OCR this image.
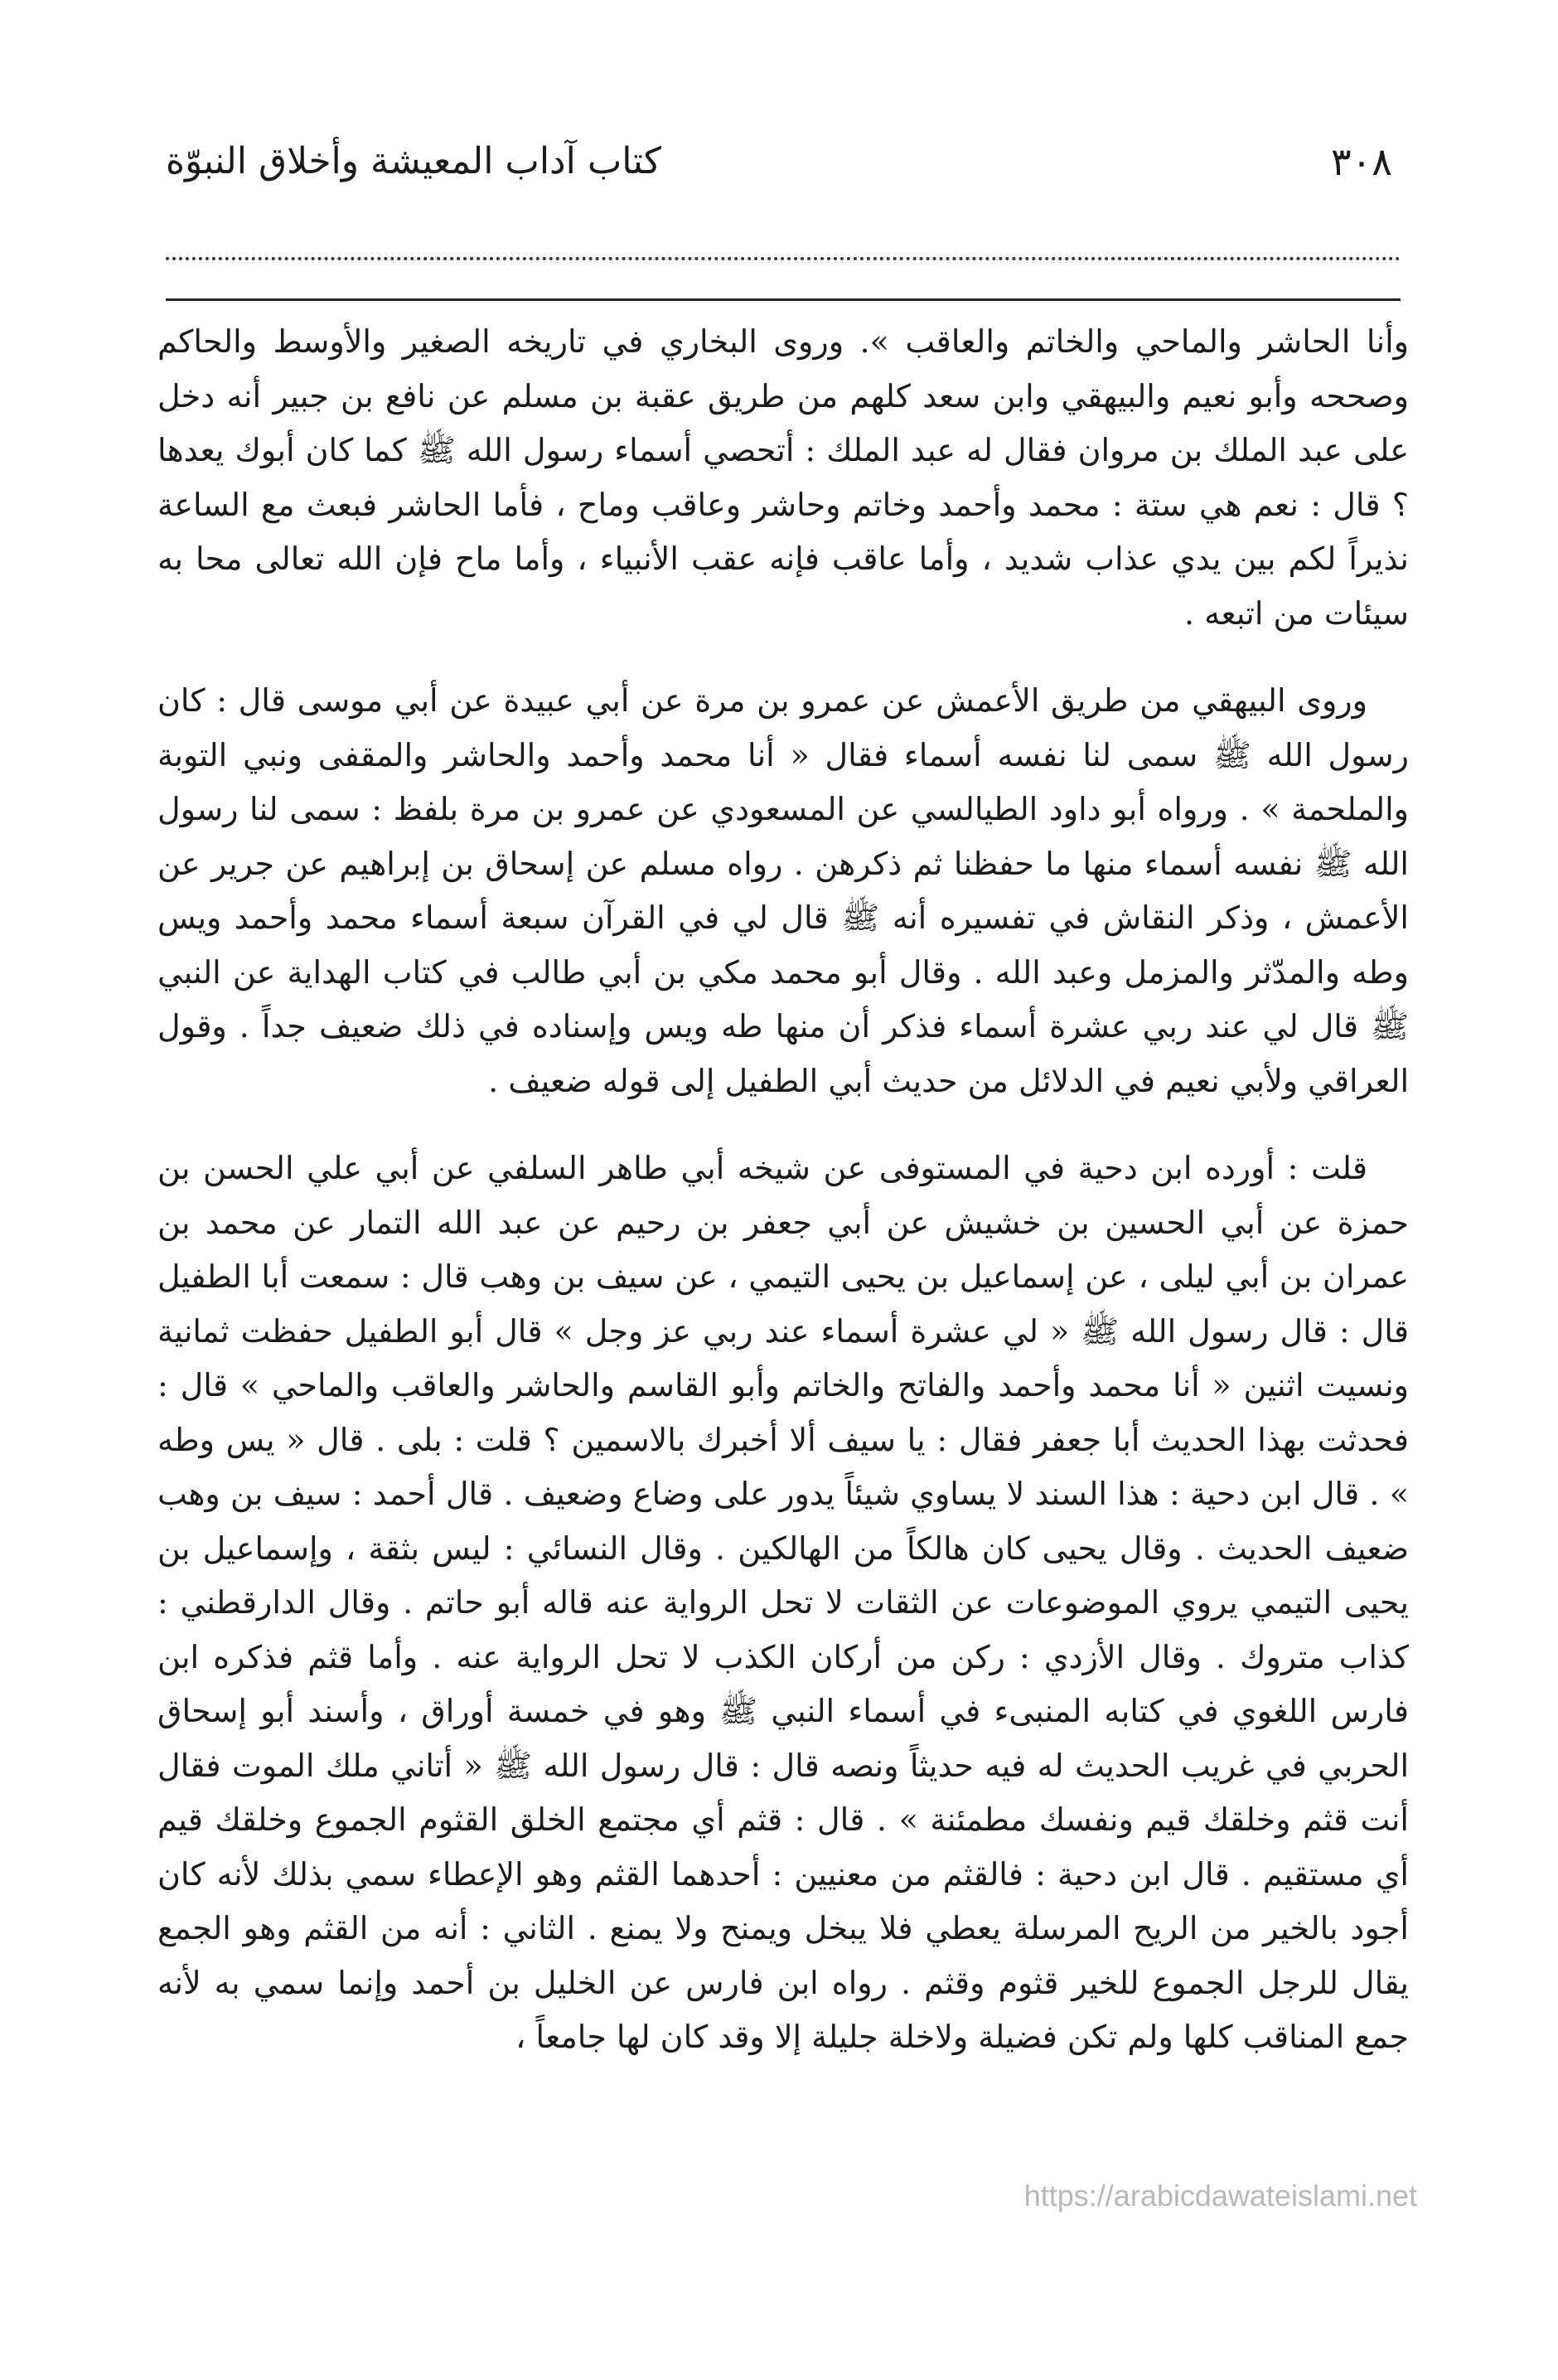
٣٠٨
كتاب آداب المعيشة وأخلاق النبوّة

وأنا الحاشر والماحي والخاتم والعاقب ». وروى البخاري في تاريخه الصغير والأوسط والحاكم وصححه وأبو نعيم والبيهقي وابن سعد كلهم من طريق عقبة بن مسلم عن نافع بن جبير أنه دخل على عبد الملك بن مروان فقال له عبد الملك : أتحصي أسماء رسول الله ﷺ كما كان أبوك يعدها ؟ قال : نعم هي ستة : محمد وأحمد وخاتم وحاشر وعاقب وماح ، فأما الحاشر فبعث مع الساعة نذيراً لكم بين يدي عذاب شديد ، وأما عاقب فإنه عقب الأنبياء ، وأما ماح فإن الله تعالى محا به سيئات من اتبعه .

وروى البيهقي من طريق الأعمش عن عمرو بن مرة عن أبي عبيدة عن أبي موسى قال : كان رسول الله ﷺ سمى لنا نفسه أسماء فقال « أنا محمد وأحمد والحاشر والمقفى ونبي التوبة والملحمة » . ورواه أبو داود الطيالسي عن المسعودي عن عمرو بن مرة بلفظ : سمى لنا رسول الله ﷺ نفسه أسماء منها ما حفظنا ثم ذكرهن . رواه مسلم عن إسحاق بن إبراهيم عن جرير عن الأعمش ، وذكر النقاش في تفسيره أنه ﷺ قال لي في القرآن سبعة أسماء محمد وأحمد ويس وطه والمدّثر والمزمل وعبد الله . وقال أبو محمد مكي بن أبي طالب في كتاب الهداية عن النبي ﷺ قال لي عند ربي عشرة أسماء فذكر أن منها طه ويس وإسناده في ذلك ضعيف جداً . وقول العراقي ولأبي نعيم في الدلائل من حديث أبي الطفيل إلى قوله ضعيف .

قلت : أورده ابن دحية في المستوفى عن شيخه أبي طاهر السلفي عن أبي علي الحسن بن حمزة عن أبي الحسين بن خشيش عن أبي جعفر بن رحيم عن عبد الله التمار عن محمد بن عمران بن أبي ليلى ، عن إسماعيل بن يحيى التيمي ، عن سيف بن وهب قال : سمعت أبا الطفيل قال : قال رسول الله ﷺ « لي عشرة أسماء عند ربي عز وجل » قال أبو الطفيل حفظت ثمانية ونسيت اثنين « أنا محمد وأحمد والفاتح والخاتم وأبو القاسم والحاشر والعاقب والماحي » قال : فحدثت بهذا الحديث أبا جعفر فقال : يا سيف ألا أخبرك بالاسمين ؟ قلت : بلى . قال « يس وطه » . قال ابن دحية : هذا السند لا يساوي شيئاً يدور على وضاع وضعيف . قال أحمد : سيف بن وهب ضعيف الحديث . وقال يحيى كان هالكاً من الهالكين . وقال النسائي : ليس بثقة ، وإسماعيل بن يحيى التيمي يروي الموضوعات عن الثقات لا تحل الرواية عنه قاله أبو حاتم . وقال الدارقطني : كذاب متروك . وقال الأزدي : ركن من أركان الكذب لا تحل الرواية عنه . وأما قثم فذكره ابن فارس اللغوي في كتابه المنبىء في أسماء النبي ﷺ وهو في خمسة أوراق ، وأسند أبو إسحاق الحربي في غريب الحديث له فيه حديثاً ونصه قال : قال رسول الله ﷺ « أتاني ملك الموت فقال أنت قثم وخلقك قيم ونفسك مطمئنة » . قال : قثم أي مجتمع الخلق القثوم الجموع وخلقك قيم أي مستقيم . قال ابن دحية : فالقثم من معنيين : أحدهما القثم وهو الإعطاء سمي بذلك لأنه كان أجود بالخير من الريح المرسلة يعطي فلا يبخل ويمنح ولا يمنع . الثاني : أنه من القثم وهو الجمع يقال للرجل الجموع للخير قثوم وقثم . رواه ابن فارس عن الخليل بن أحمد وإنما سمي به لأنه جمع المناقب كلها ولم تكن فضيلة ولاخلة جليلة إلا وقد كان لها جامعاً ،

https://arabicdawateislami.net
